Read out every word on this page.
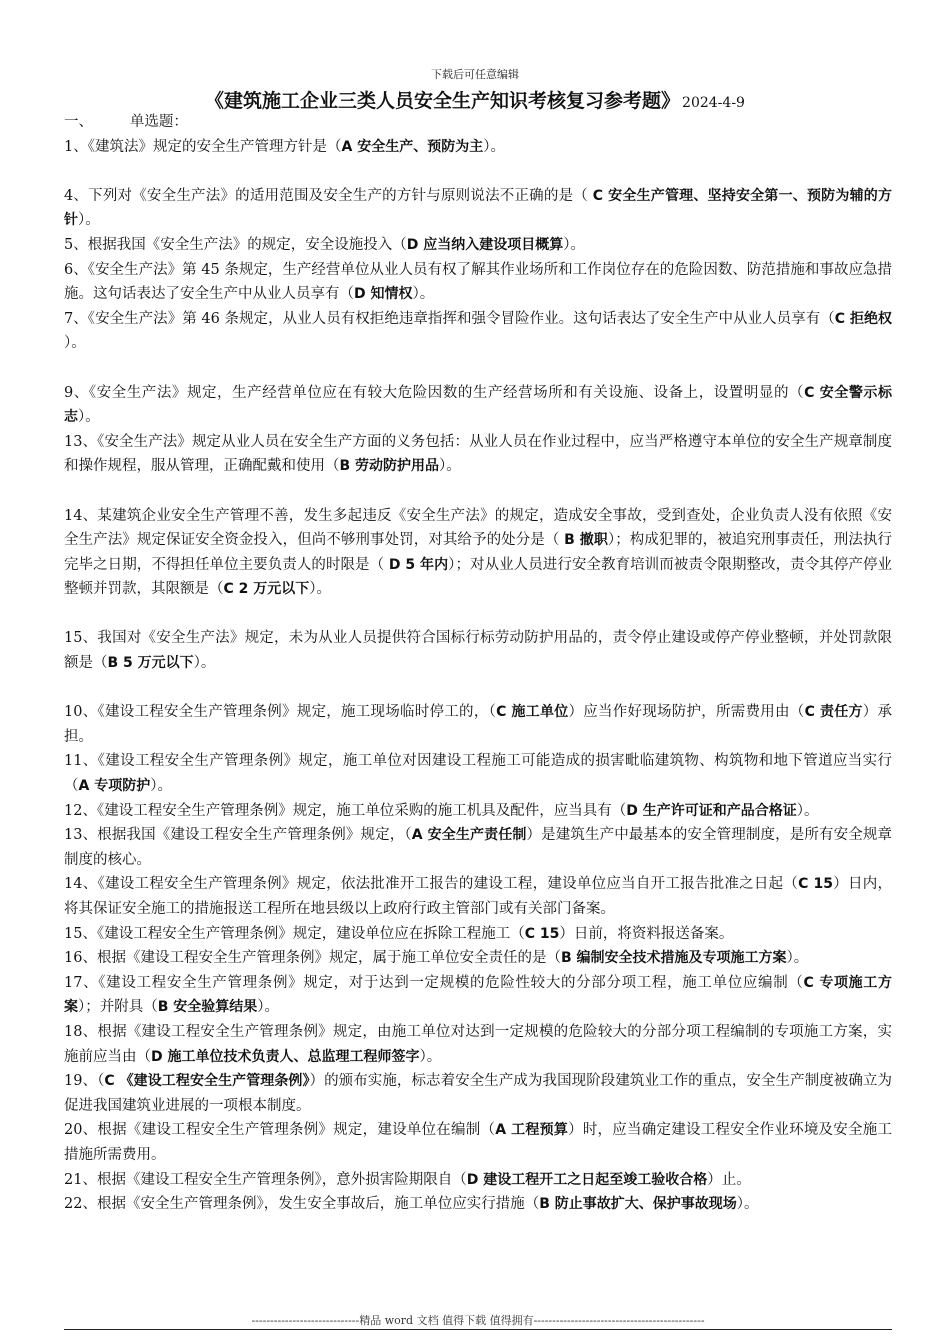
下载后可任意编辑
《建筑施工企业三类人员安全生产知识考核复习参考题》 2024-4-9

一、	单选题：

1、《建筑法》规定的安全生产管理方针是（A 安全生产、预防为主）。

4、下列对《安全生产法》的适用范围及安全生产的方针与原则说法不正确的是（ C 安全生产管理、坚持安全第一、预防为辅的方针）。

5、根据我国《安全生产法》的规定，安全设施投入（D 应当纳入建设项目概算）。

6、《安全生产法》第 45 条规定，生产经营单位从业人员有权了解其作业场所和工作岗位存在的危险因数、防范措施和事故应急措施。这句话表达了安全生产中从业人员享有（D 知情权）。

7、《安全生产法》第 46 条规定，从业人员有权拒绝违章指挥和强令冒险作业。这句话表达了安全生产中从业人员享有（C 拒绝权 ）。

9、《安全生产法》规定，生产经营单位应在有较大危险因数的生产经营场所和有关设施、设备上，设置明显的（C 安全警示标志）。

13、《安全生产法》规定从业人员在安全生产方面的义务包括：从业人员在作业过程中，应当严格遵守本单位的安全生产规章制度和操作规程，服从管理，正确配戴和使用（B 劳动防护用品）。

14、某建筑企业安全生产管理不善，发生多起违反《安全生产法》的规定，造成安全事故，受到查处，企业负责人没有依照《安全生产法》规定保证安全资金投入，但尚不够刑事处罚，对其给予的处分是（ B 撤职）；构成犯罪的，被追究刑事责任，刑法执行完毕之日期，不得担任单位主要负责人的时限是（ D 5 年内）；对从业人员进行安全教育培训而被责令限期整改，责令其停产停业整顿并罚款，其限额是（C 2 万元以下）。

15、我国对《安全生产法》规定，未为从业人员提供符合国标行标劳动防护用品的，责令停止建设或停产停业整顿，并处罚款限额是（B 5 万元以下）。

10、《建设工程安全生产管理条例》规定，施工现场临时停工的，（C 施工单位）应当作好现场防护，所需费用由（C 责任方）承担。

11、《建设工程安全生产管理条例》规定，施工单位对因建设工程施工可能造成的损害毗临建筑物、构筑物和地下管道应当实行（A 专项防护）。

12、《建设工程安全生产管理条例》规定，施工单位采购的施工机具及配件，应当具有（D 生产许可证和产品合格证）。

13、根据我国《建设工程安全生产管理条例》规定，（A 安全生产责任制）是建筑生产中最基本的安全管理制度，是所有安全规章制度的核心。

14、《建设工程安全生产管理条例》规定，依法批准开工报告的建设工程，建设单位应当自开工报告批准之日起（C 15）日内，将其保证安全施工的措施报送工程所在地县级以上政府行政主管部门或有关部门备案。

15、《建设工程安全生产管理条例》规定，建设单位应在拆除工程施工（C 15）日前，将资料报送备案。

16、根据《建设工程安全生产管理条例》规定，属于施工单位安全责任的是（B 编制安全技术措施及专项施工方案）。

17、《建设工程安全生产管理条例》规定，对于达到一定规模的危险性较大的分部分项工程，施工单位应编制（C 专项施工方案）；并附具（B 安全验算结果）。

18、根据《建设工程安全生产管理条例》规定，由施工单位对达到一定规模的危险较大的分部分项工程编制的专项施工方案，实施前应当由（D 施工单位技术负责人、总监理工程师签字）。

19、（C 《建设工程安全生产管理条例》）的颁布实施，标志着安全生产成为我国现阶段建筑业工作的重点，安全生产制度被确立为促进我国建筑业进展的一项根本制度。

20、根据《建设工程安全生产管理条例》规定，建设单位在编制（A 工程预算）时，应当确定建设工程安全作业环境及安全施工措施所需费用。

21、根据《建设工程安全生产管理条例》，意外损害险期限自（D 建设工程开工之日起至竣工验收合格）止。

22、根据《安全生产管理条例》，发生安全事故后，施工单位应实行措施（B 防止事故扩大、保护事故现场）。

-----------------------------精品 word 文档 值得下载 值得拥有----------------------------------------------
